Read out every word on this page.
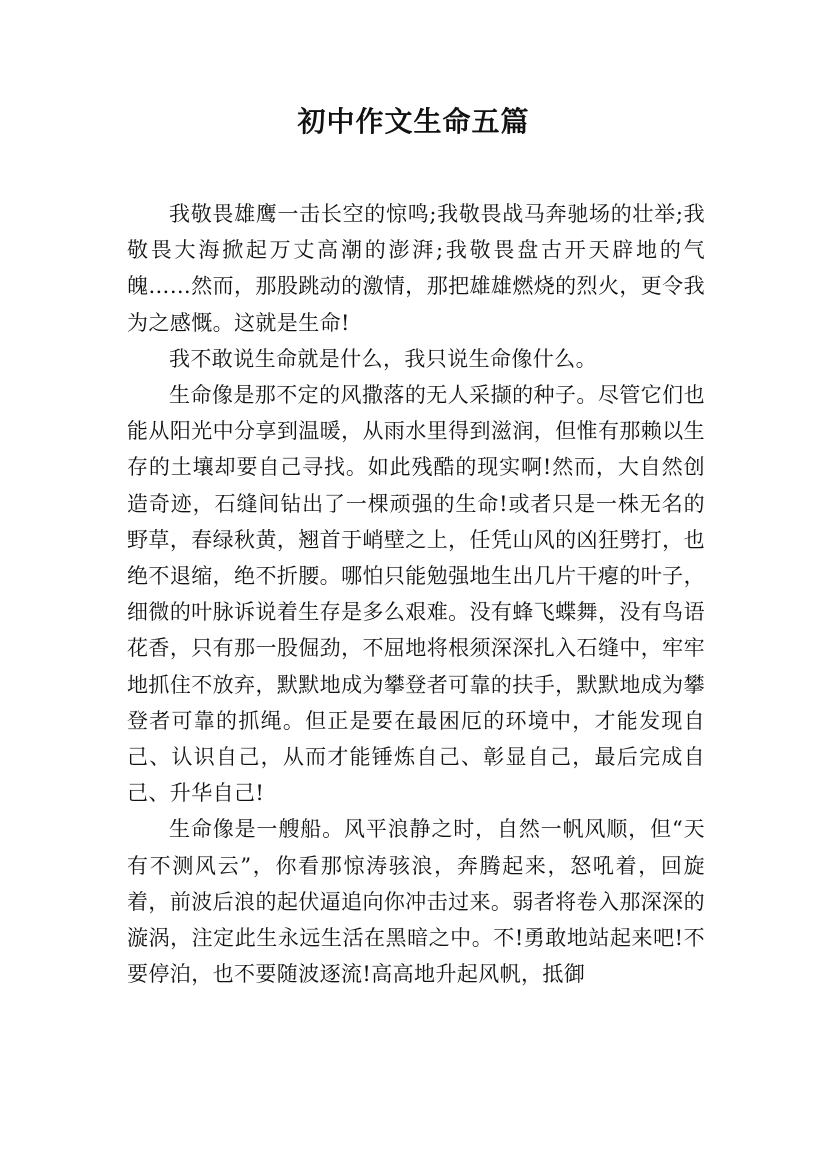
初中作文生命五篇

我敬畏雄鹰一击长空的惊鸣;我敬畏战马奔驰场的壮举;我敬畏大海掀起万丈高潮的澎湃;我敬畏盘古开天辟地的气魄……然而，那股跳动的激情，那把雄雄燃烧的烈火，更令我为之感慨。这就是生命!

我不敢说生命就是什么，我只说生命像什么。

生命像是那不定的风撒落的无人采撷的种子。尽管它们也能从阳光中分享到温暖，从雨水里得到滋润，但惟有那赖以生存的土壤却要自己寻找。如此残酷的现实啊!然而，大自然创造奇迹，石缝间钻出了一棵顽强的生命!或者只是一株无名的野草，春绿秋黄，翘首于峭壁之上，任凭山风的凶狂劈打，也绝不退缩，绝不折腰。哪怕只能勉强地生出几片干瘪的叶子，细微的叶脉诉说着生存是多么艰难。没有蜂飞蝶舞，没有鸟语花香，只有那一股倔劲，不屈地将根须深深扎入石缝中，牢牢地抓住不放弃，默默地成为攀登者可靠的扶手，默默地成为攀登者可靠的抓绳。但正是要在最困厄的环境中，才能发现自己、认识自己，从而才能锤炼自己、彰显自己，最后完成自己、升华自己!

生命像是一艘船。风平浪静之时，自然一帆风顺，但“天有不测风云”，你看那惊涛骇浪，奔腾起来，怒吼着，回旋着，前波后浪的起伏逼追向你冲击过来。弱者将卷入那深深的漩涡，注定此生永远生活在黑暗之中。不!勇敢地站起来吧!不要停泊，也不要随波逐流!高高地升起风帆，抵御
